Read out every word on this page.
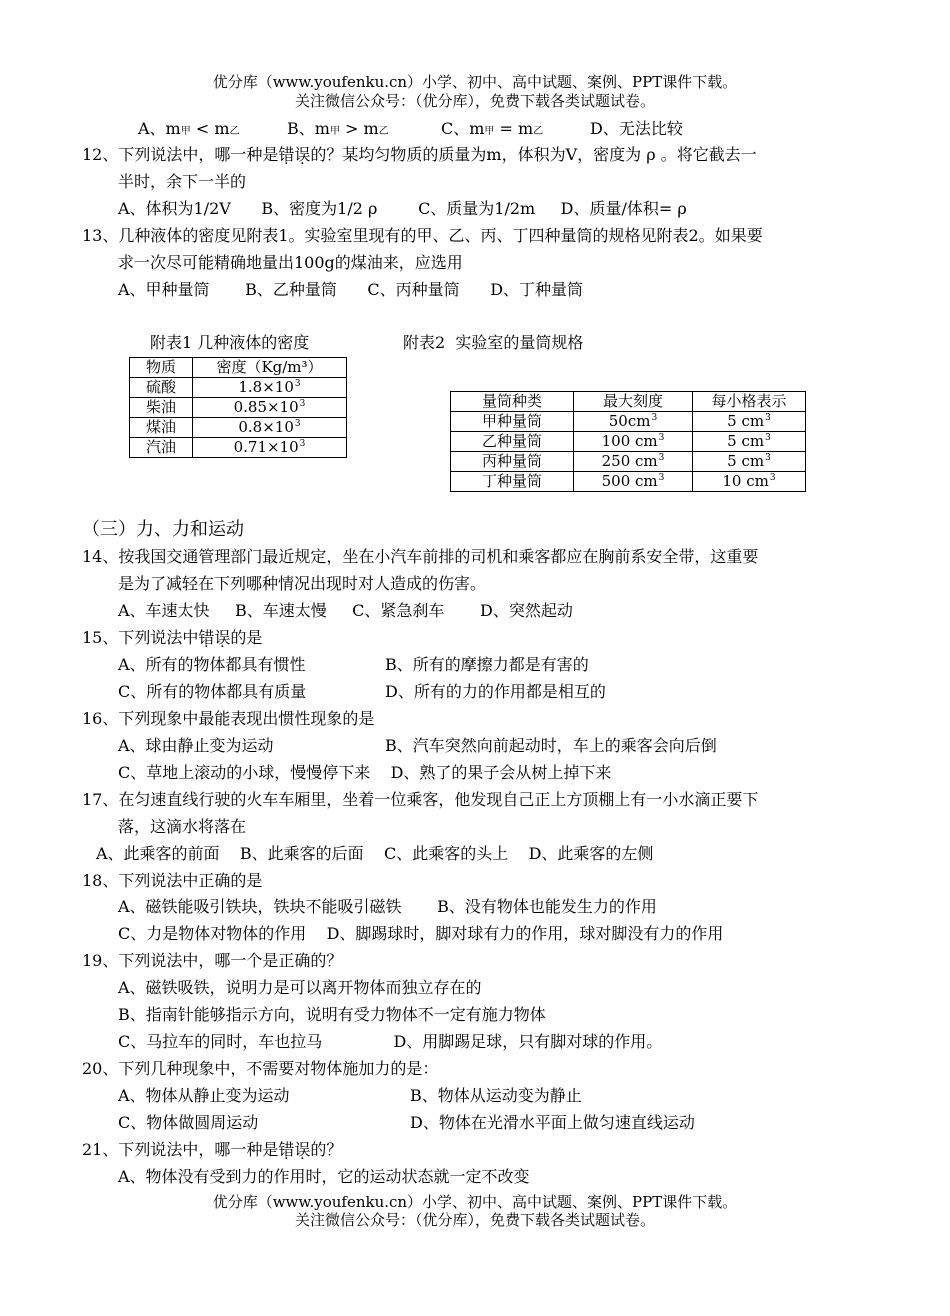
优分库（www.youfenku.cn）小学、初中、高中试题、案例、PPT课件下载。
关注微信公众号：（优分库），免费下载各类试题试卷。
A、m甲 < m乙	B、m甲 > m乙	C、m甲 = m乙	D、无法比较
12、下列说法中，哪一种是错误的？某均匀物质的质量为m，体积为V，密度为 ρ 。将它截去一
半时，余下一半的
A、体积为1/2V      B、密度为1/2 ρ        C、质量为1/2m     D、质量/体积= ρ
13、几种液体的密度见附表1。实验室里现有的甲、乙、丙、丁四种量筒的规格见附表2。如果要
求一次尽可能精确地量出100g的煤油来，应选用
A、甲种量筒       B、乙种量筒      C、丙种量筒      D、丁种量筒
附表1 几种液体的密度	附表2  实验室的量筒规格
物质	密度（Kg/m³）
硫酸	$1.8\times 10^3$
柴油	$0.85\times 10^3$
煤油	$0.8\times 10^3$
汽油	$0.71\times 10^3$
量筒种类	最大刻度	每小格表示
甲种量筒	$50cm^3$	5 $cm^3$
乙种量筒	100 $cm^3$	5 $cm^3$
丙种量筒	250 $cm^3$	5 $cm^3$
丁种量筒	500 $cm^3$	10 $cm^3$
（三）力、力和运动
14、按我国交通管理部门最近规定，坐在小汽车前排的司机和乘客都应在胸前系安全带，这重要
是为了减轻在下列哪种情况出现时对人造成的伤害。
A、车速太快     B、车速太慢     C、紧急刹车       D、突然起动
15、下列说法中错误的是
A、所有的物体都具有惯性	B、所有的摩擦力都是有害的
C、所有的物体都具有质量	D、所有的力的作用都是相互的
16、下列现象中最能表现出惯性现象的是
A、球由静止变为运动	B、汽车突然向前起动时，车上的乘客会向后倒
C、草地上滚动的小球，慢慢停下来    D、熟了的果子会从树上掉下来
17、在匀速直线行驶的火车车厢里，坐着一位乘客，他发现自己正上方顶棚上有一小水滴正要下
落，这滴水将落在
A、此乘客的前面    B、此乘客的后面    C、此乘客的头上    D、此乘客的左侧
18、下列说法中正确的是
A、磁铁能吸引铁块，铁块不能吸引磁铁       B、没有物体也能发生力的作用
C、力是物体对物体的作用    D、脚踢球时，脚对球有力的作用，球对脚没有力的作用
19、下列说法中，哪一个是正确的？
A、磁铁吸铁，说明力是可以离开物体而独立存在的
B、指南针能够指示方向，说明有受力物体不一定有施力物体
C、马拉车的同时，车也拉马              D、用脚踢足球，只有脚对球的作用。
20、下列几种现象中，不需要对物体施加力的是：
A、物体从静止变为运动	B、物体从运动变为静止
C、物体做圆周运动	D、物体在光滑水平面上做匀速直线运动
21、下列说法中，哪一种是错误的？
A、物体没有受到力的作用时，它的运动状态就一定不改变
优分库（www.youfenku.cn）小学、初中、高中试题、案例、PPT课件下载。
关注微信公众号：（优分库），免费下载各类试题试卷。
